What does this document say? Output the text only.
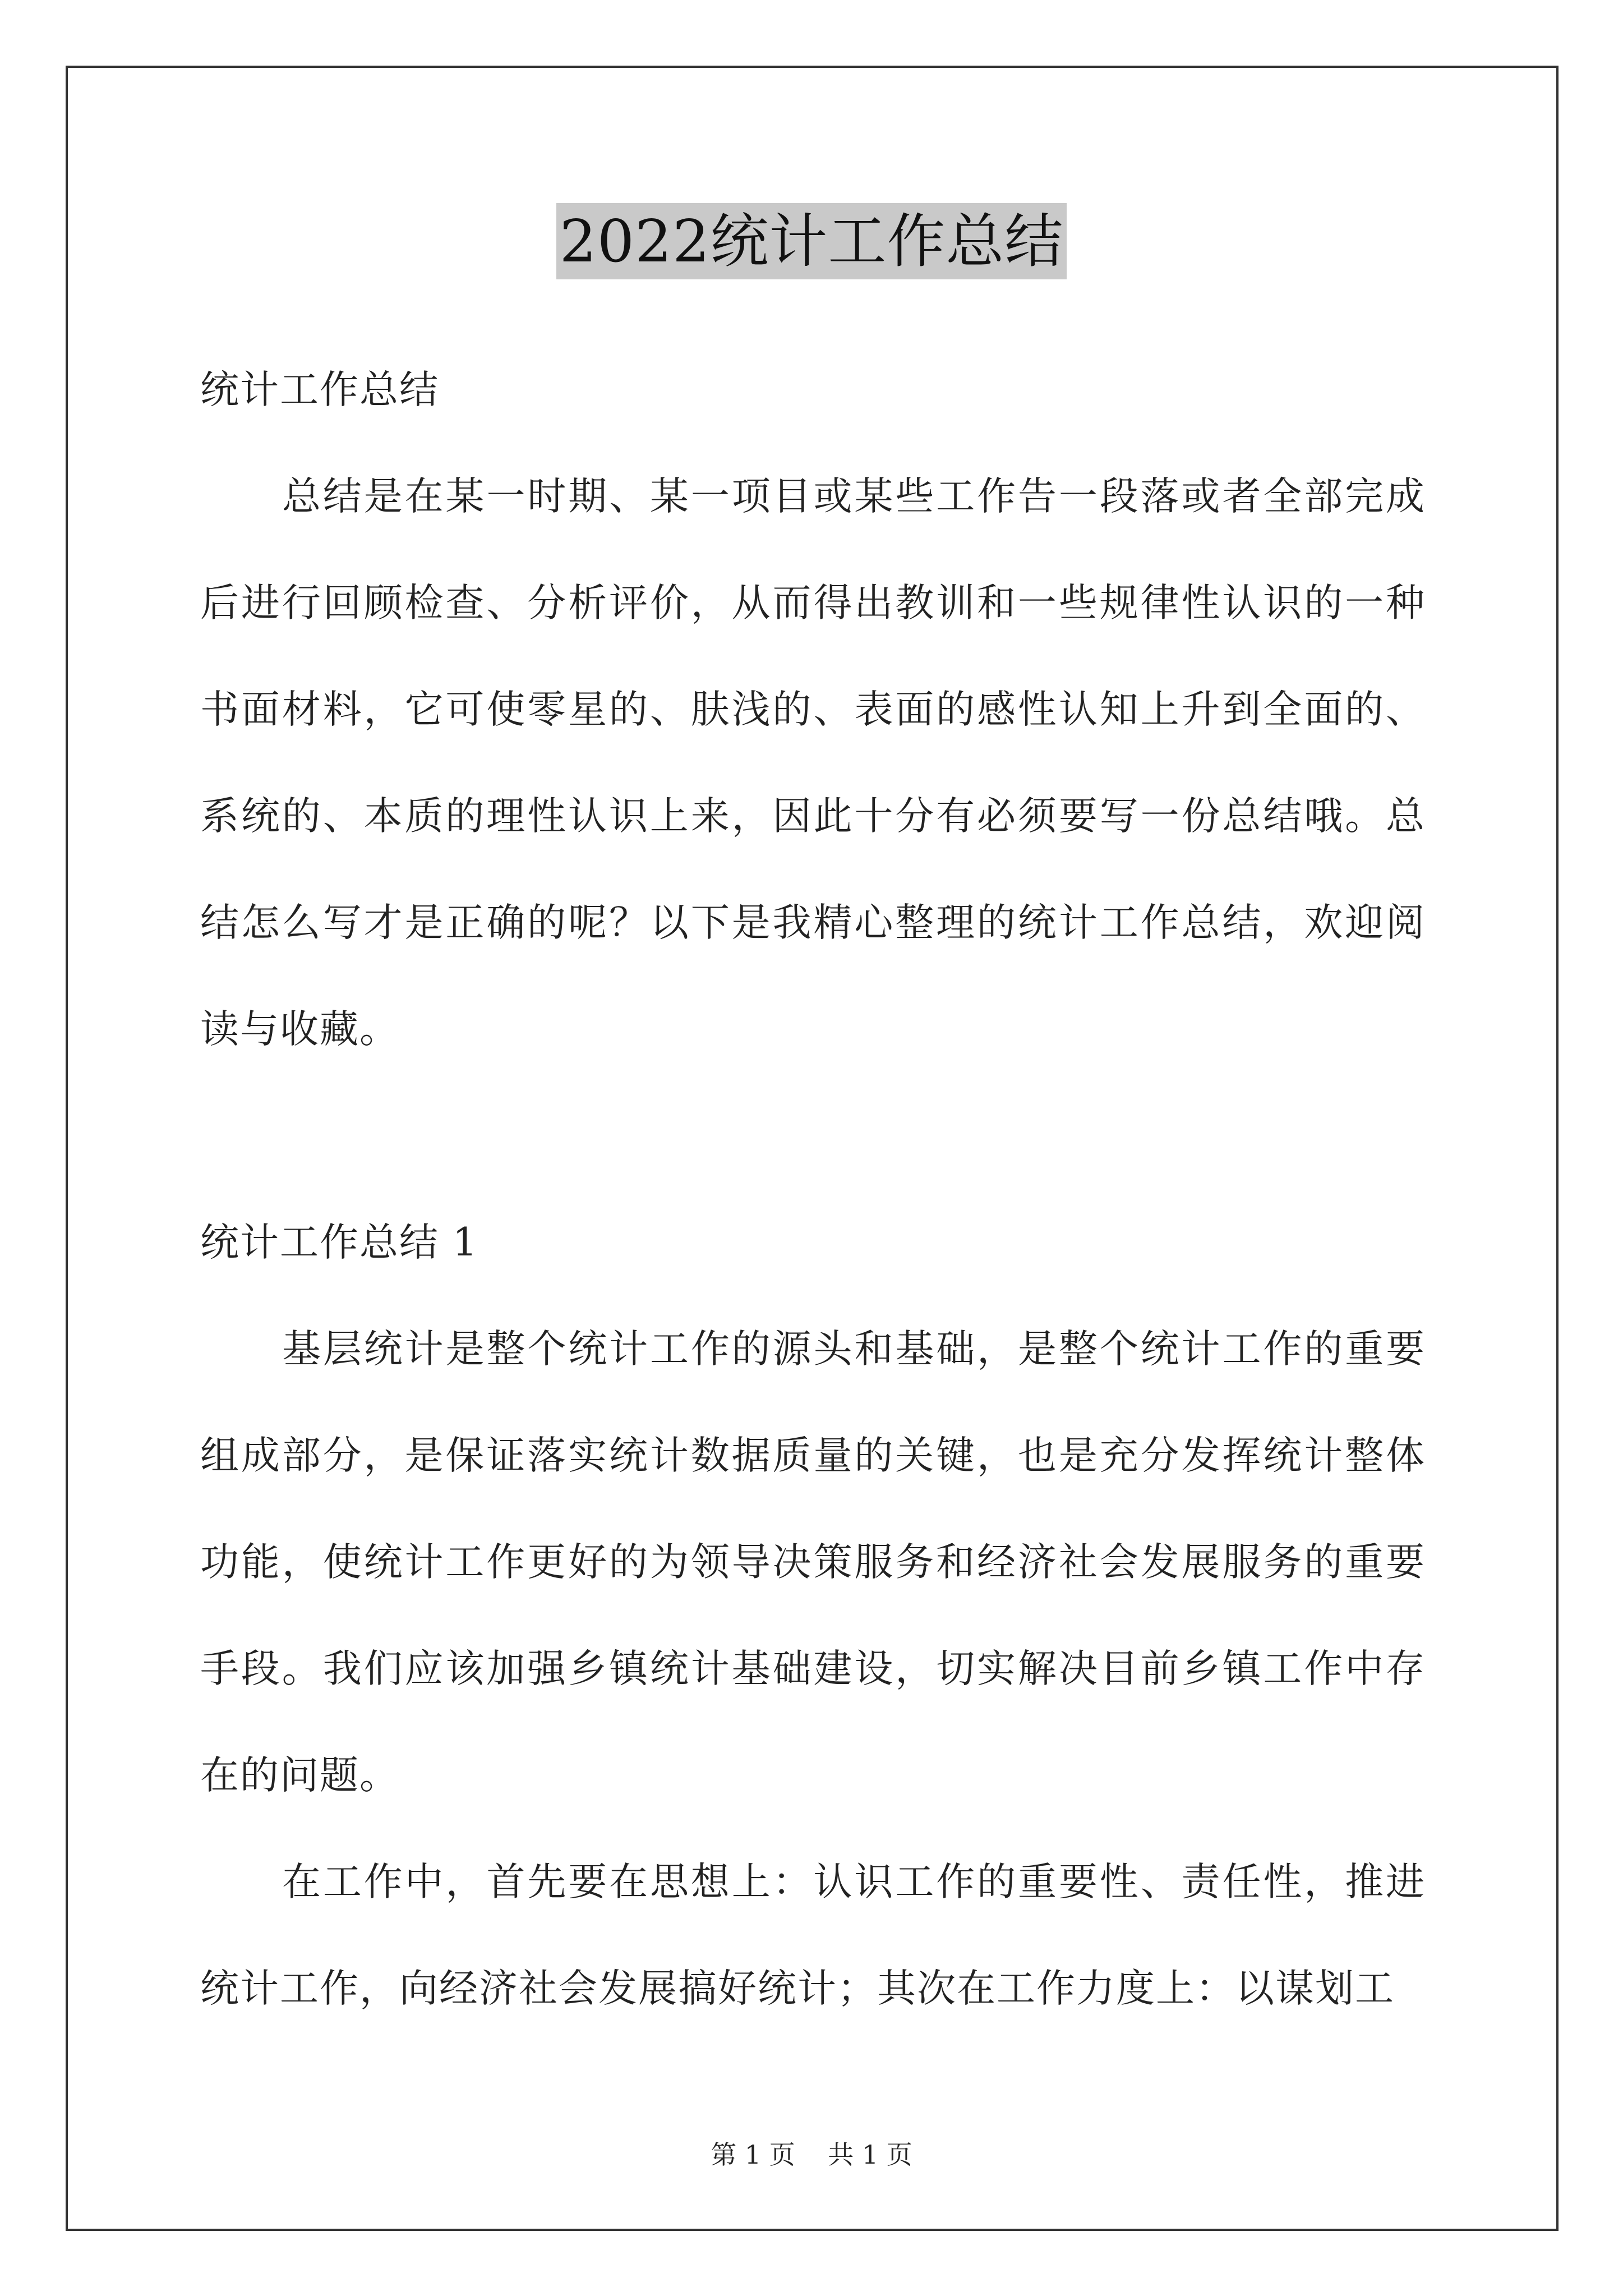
2022统计工作总结

统计工作总结

总结是在某一时期、某一项目或某些工作告一段落或者全部完成后进行回顾检查、分析评价，从而得出教训和一些规律性认识的一种书面材料，它可使零星的、肤浅的、表面的感性认知上升到全面的、系统的、本质的理性认识上来，因此十分有必须要写一份总结哦。总结怎么写才是正确的呢？以下是我精心整理的统计工作总结，欢迎阅读与收藏。

统计工作总结 1

基层统计是整个统计工作的源头和基础，是整个统计工作的重要组成部分，是保证落实统计数据质量的关键，也是充分发挥统计整体功能，使统计工作更好的为领导决策服务和经济社会发展服务的重要手段。我们应该加强乡镇统计基础建设，切实解决目前乡镇工作中存在的问题。

在工作中，首先要在思想上：认识工作的重要性、责任性，推进统计工作，向经济社会发展搞好统计；其次在工作力度上：以谋划工

第 1 页    共 1 页
